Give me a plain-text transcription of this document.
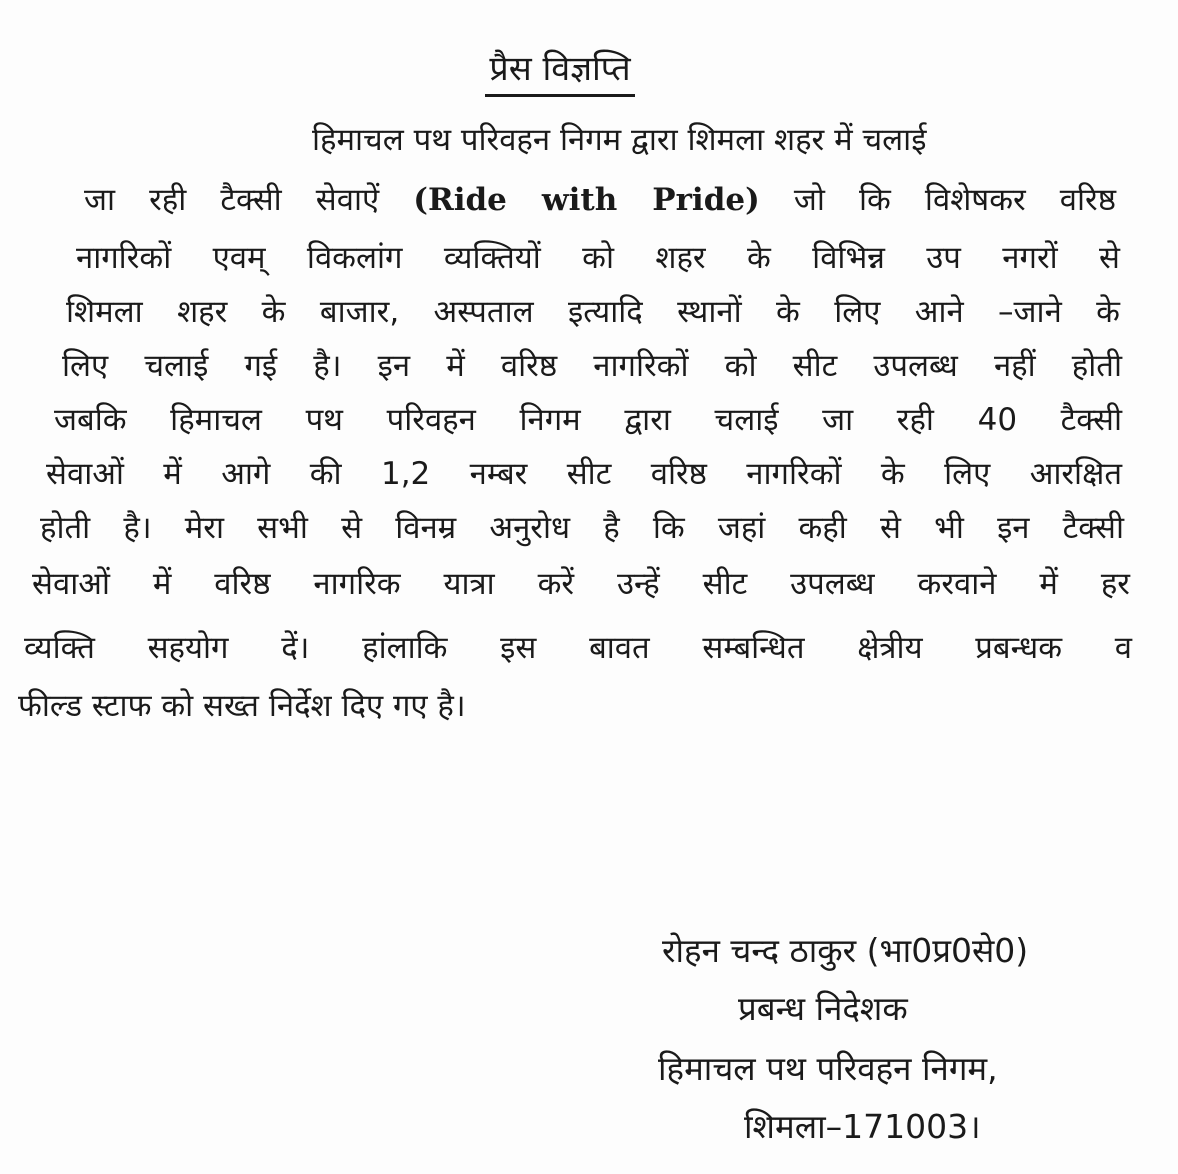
प्रैस विज्ञप्ति
हिमाचल पथ परिवहन निगम द्वारा शिमला शहर में चलाई
जा रही टैक्सी सेवाऐं (Ride with Pride) जो कि विशेषकर वरिष्ठ
नागरिकों एवम् विकलांग व्यक्तियों को शहर के विभिन्न उप नगरों से
शिमला शहर के बाजार, अस्पताल इत्यादि स्थानों के लिए आने –जाने के
लिए चलाई गई है। इन में वरिष्ठ नागरिकों को सीट उपलब्ध नहीं होती
जबकि हिमाचल पथ परिवहन निगम द्वारा चलाई जा रही 40 टैक्सी
सेवाओं में आगे की 1,2 नम्बर सीट वरिष्ठ नागरिकों के लिए आरक्षित
होती है। मेरा सभी से विनम्र अनुरोध है कि जहां कही से भी इन टैक्सी
सेवाओं में वरिष्ठ नागरिक यात्रा करें उन्हें सीट उपलब्ध करवाने में हर
व्यक्ति सहयोग दें। हांलाकि इस बावत सम्बन्धित क्षेत्रीय प्रबन्धक व
फील्ड स्टाफ को सख्त निर्देश दिए गए है।
रोहन चन्द ठाकुर (भा0प्र0से0)
प्रबन्ध निदेशक
हिमाचल पथ परिवहन निगम,
शिमला–171003।
